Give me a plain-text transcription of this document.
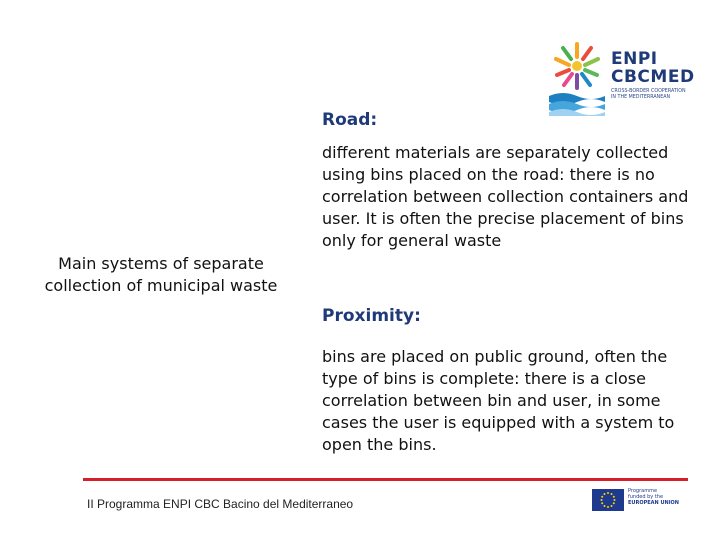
ENPI
CBCMED
CROSS-BORDER COOPERATION
IN THE MEDITERRANEAN
Road:
different materials are separately collected using bins placed on the road: there is no correlation between collection containers and user. It is often the precise placement of bins only for general waste
Main systems of separate collection of municipal waste
Proximity:
bins are placed on public ground, often the type of bins is complete: there is a close correlation between bin and user, in some cases the user is equipped with a system to open the bins.
II Programma ENPI CBC Bacino del Mediterraneo
Programme
funded by the
EUROPEAN UNION
